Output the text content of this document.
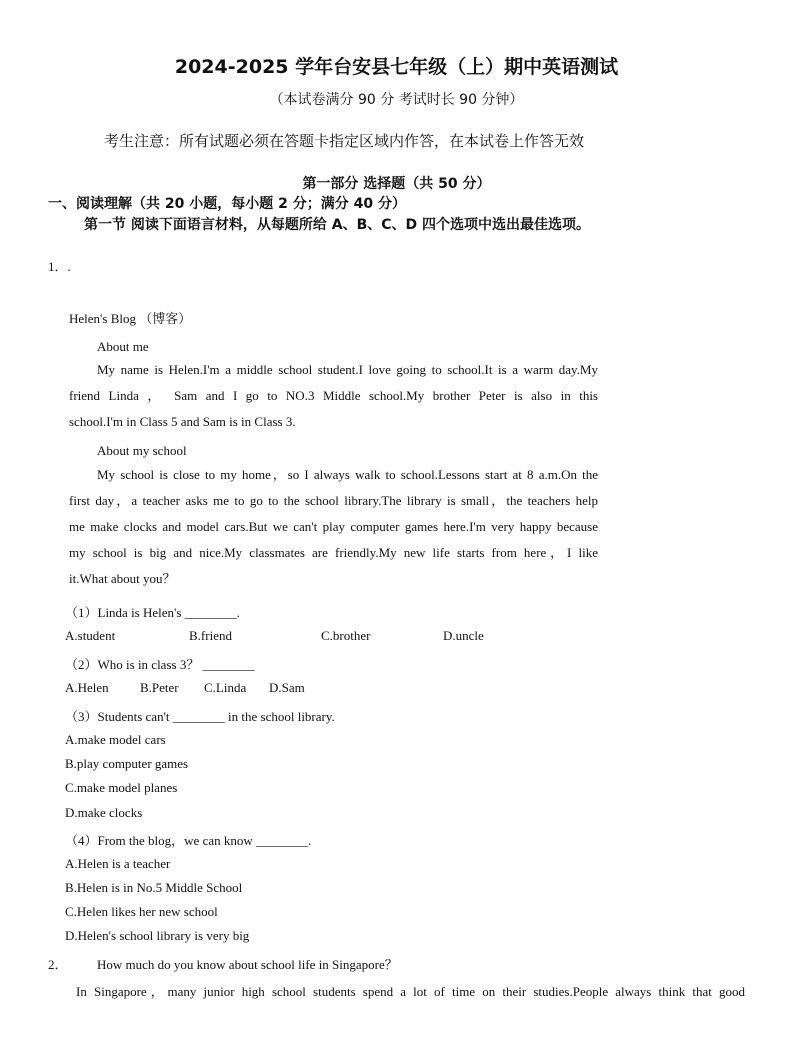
2024-2025 学年台安县七年级（上）期中英语测试
（本试卷满分 90 分 考试时长 90 分钟）
考生注意：所有试题必须在答题卡指定区域内作答，在本试卷上作答无效
第一部分 选择题（共 50 分）
一、阅读理解（共 20 小题，每小题 2 分；满分 40 分）
第一节 阅读下面语言材料，从每题所给 A、B、C、D 四个选项中选出最佳选项。
1．.
Helen's Blog （博客）
About me
My name is Helen.I'm a middle school student.I love going to school.It is a warm day.My
friend Linda ， Sam and I go to NO.3 Middle school.My brother Peter is also in this
school.I'm in Class 5 and Sam is in Class 3.
About my school
My school is close to my home，so I always walk to school.Lessons start at 8 a.m.On the
first day，a teacher asks me to go to the school library.The library is small，the teachers help
me make clocks and model cars.But we can't play computer games here.I'm very happy because
my school is big and nice.My classmates are friendly.My new life starts from here，I like
it.What about you？
（1）Linda is Helen's ________.
A.student	B.friend	C.brother	D.uncle
（2）Who is in class 3？ ________
A.Helen B.Peter C.Linda D.Sam
（3）Students can't ________ in the school library.
A.make model cars
B.play computer games
C.make model planes
D.make clocks
（4）From the blog，we can know ________.
A.Helen is a teacher
B.Helen is in No.5 Middle School
C.Helen likes her new school
D.Helen's school library is very big
2． How much do you know about school life in Singapore？
In Singapore，many junior high school students spend a lot of time on their studies.People always think that good
